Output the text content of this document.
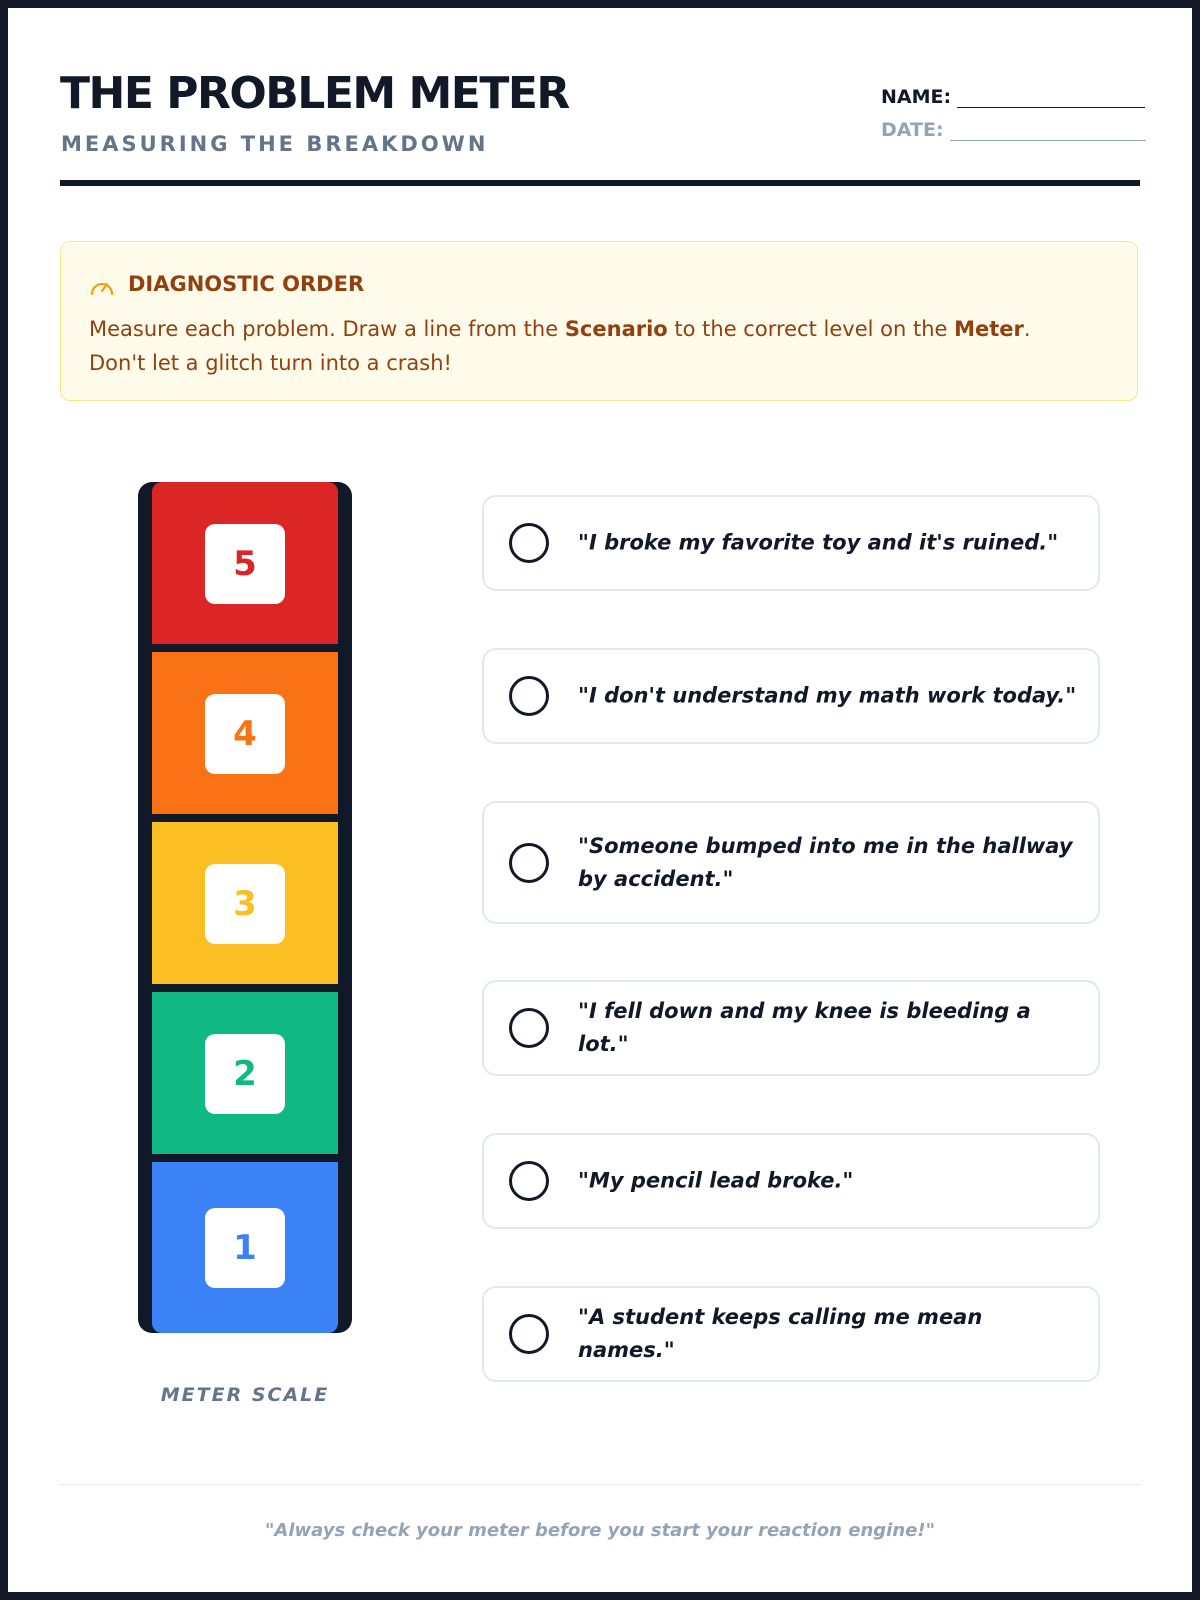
THE PROBLEM METER
MEASURING THE BREAKDOWN
NAME:
DATE:
DIAGNOSTIC ORDER
Measure each problem. Draw a line from the Scenario to the correct level on the Meter.
Don't let a glitch turn into a crash!
5
4
3
2
1
METER SCALE
"I broke my favorite toy and it's ruined."
"I don't understand my math work today."
"Someone bumped into me in the hallway by accident."
"I fell down and my knee is bleeding a lot."
"My pencil lead broke."
"A student keeps calling me mean names."
"Always check your meter before you start your reaction engine!"
